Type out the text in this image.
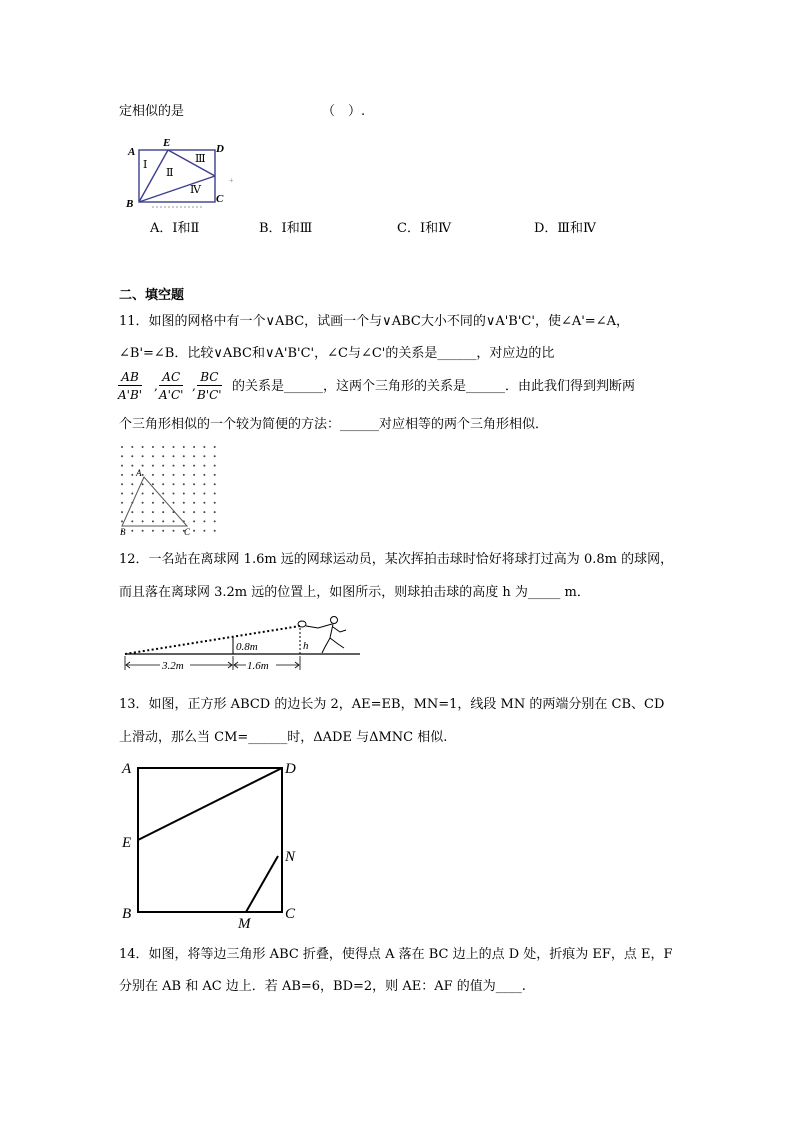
定相似的是	（　）.
A
E	D
B	C
Ⅰ
Ⅱ
Ⅲ
Ⅳ
+
A．Ⅰ和Ⅱ	B．Ⅰ和Ⅲ	C．Ⅰ和Ⅳ	D．Ⅲ和Ⅳ
二、填空题
11．如图的网格中有一个∨ABC，试画一个与∨ABC大小不同的∨A'B'C'，使∠A'=∠A，
∠B'=∠B．比较∨ABC和∨A'B'C'，∠C与∠C'的关系是______，对应边的比
$\frac{AB}{A'B'}$ , $\frac{AC}{A'C'}$ , $\frac{BC}{B'C'}$ 的关系是______，这两个三角形的关系是______．由此我们得到判断两
个三角形相似的一个较为简便的方法：______对应相等的两个三角形相似．
A
B	C
12．一名站在离球网 1.6m 远的网球运动员，某次挥拍击球时恰好将球打过高为 0.8m 的球网，
而且落在离球网 3.2m 远的位置上，如图所示，则球拍击球的高度 h 为_____ m．
0.8m	h
3.2m	1.6m
13．如图，正方形 ABCD 的边长为 2，AE=EB，MN=1，线段 MN 的两端分别在 CB、CD
上滑动，那么当 CM=______时，ΔADE 与ΔMNC 相似.
A	D
E
N
B	C
M
14．如图，将等边三角形 ABC 折叠，使得点 A 落在 BC 边上的点 D 处，折痕为 EF，点 E，F
分别在 AB 和 AC 边上．若 AB=6，BD=2，则 AE：AF 的值为____.
